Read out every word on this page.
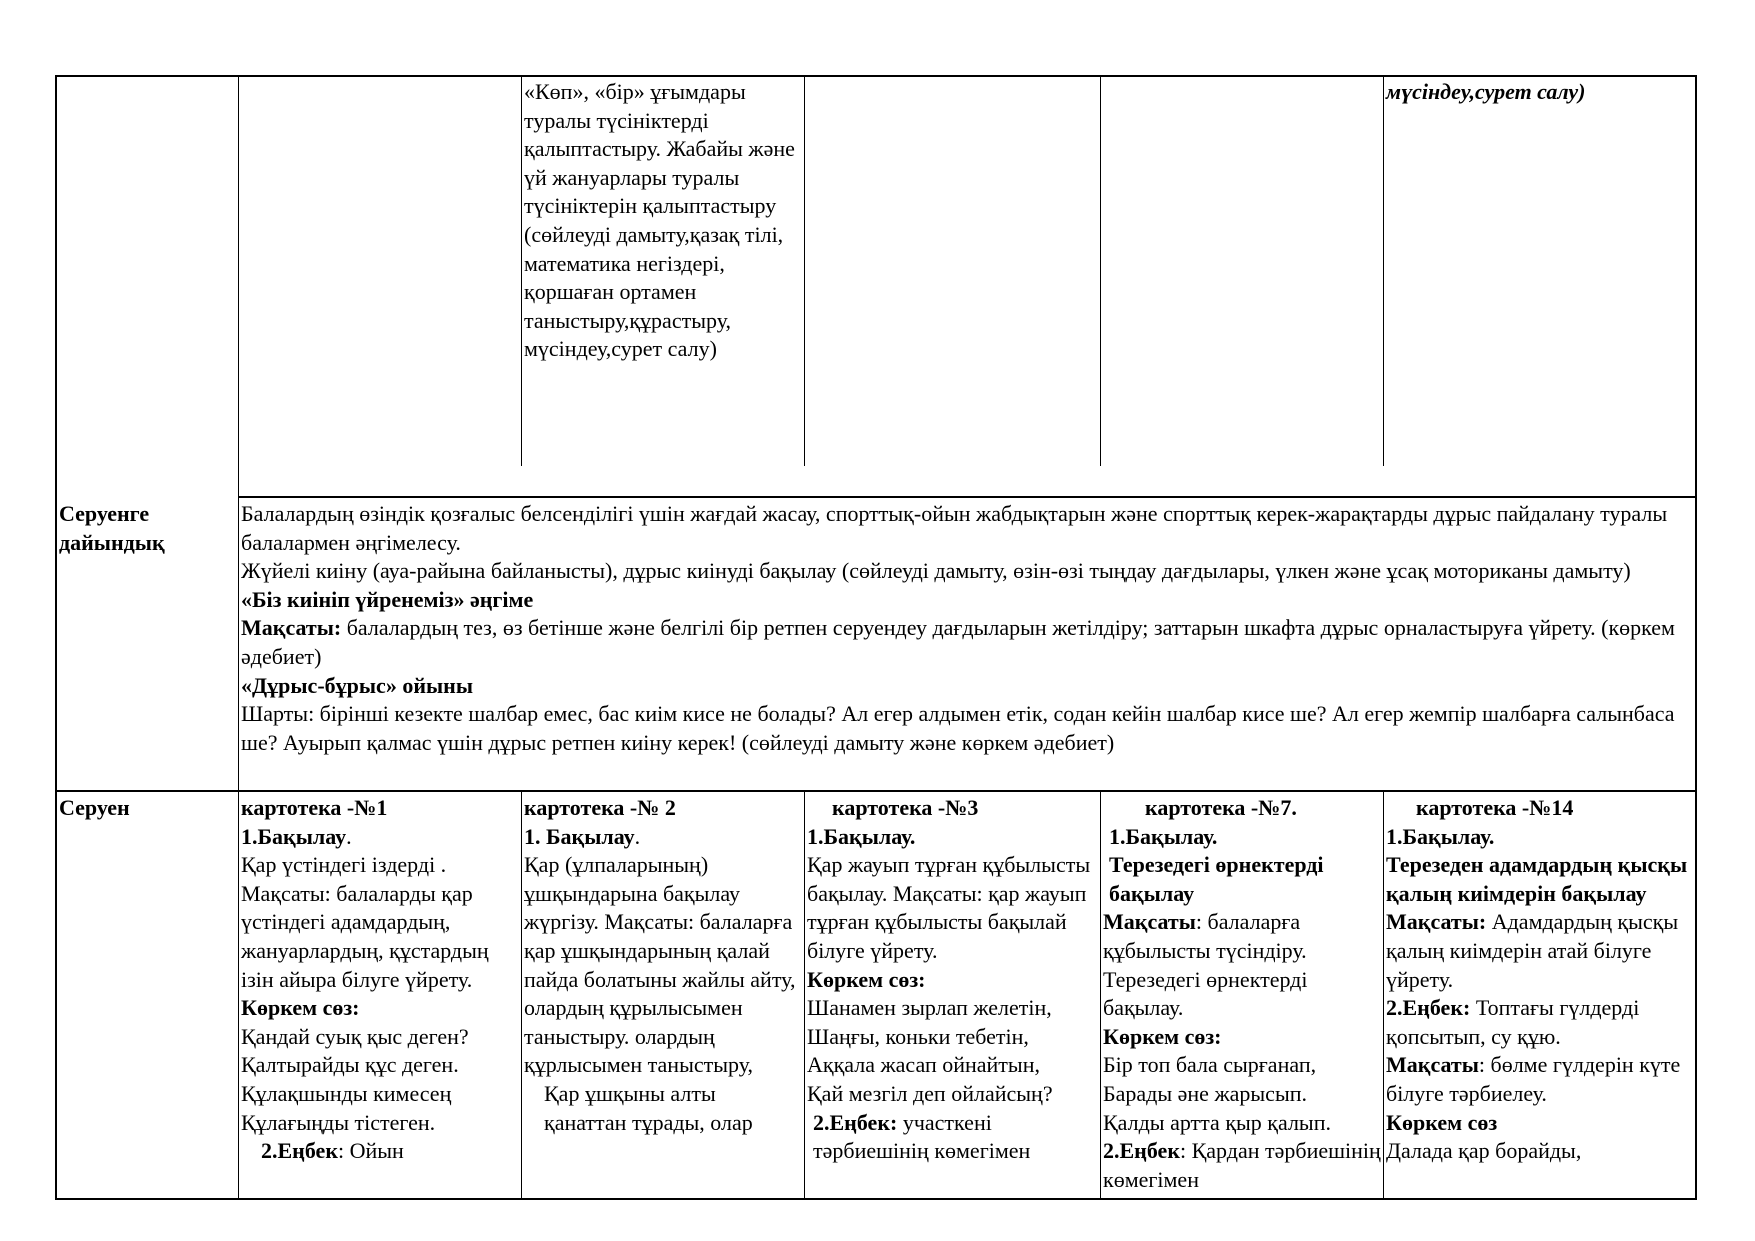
«Көп», «бір» ұғымдары туралы түсініктерді қалыптастыру. Жабайы және үй жануарлары туралы түсініктерін қалыптастыру (сөйлеуді дамыту,қазақ тілі, математика негіздері, қоршаған ортамен таныстыру,құрастыру, мүсіндеу,сурет салу)

мүсіндеу,сурет салу)

Серуенге

дайындық

Балалардың өзіндік қозғалыс белсенділігі үшін жағдай жасау, спорттық-ойын жабдықтарын және спорттық керек-жарақтарды дұрыс пайдалану туралы балалармен әңгімелесу.

Жүйелі киіну (ауа-райына байланысты), дұрыс киінуді бақылау (сөйлеуді дамыту, өзін-өзі тыңдау дағдылары, үлкен және ұсақ моториканы дамыту)

«Біз киініп үйренеміз» әңгіме

Мақсаты: балалардың тез, өз бетінше және белгілі бір ретпен серуендеу дағдыларын жетілдіру; заттарын шкафта дұрыс орналастыруға үйрету. (көркем әдебиет)

«Дұрыс-бұрыс» ойыны

Шарты: бірінші кезекте шалбар емес, бас киім кисе не болады? Ал егер алдымен етік, содан кейін шалбар кисе ше? Ал егер жемпір шалбарға салынбаса ше? Ауырып қалмас үшін дұрыс ретпен киіну керек! (сөйлеуді дамыту және көркем әдебиет)

Серуен	картотека -№1

1.Бақылау.

Қар үстіндегі іздерді .

Мақсаты: балаларды қар үстіндегі адамдардың, жануарлардың, құстардың ізін айыра білуге үйрету.

Көркем сөз:

Қандай суық қыс деген?

Қалтырайды құс деген.

Құлақшынды кимесең

Құлағыңды тістеген.

2.Еңбек: Ойын

картотека -№ 2

1. Бақылау.

Қар (ұлпаларының) ұшқындарына бақылау жүргізу. Мақсаты: балаларға қар ұшқындарының қалай пайда болатыны жайлы айту, олардың құрылысымен таныстыру. олардың құрлысымен таныстыру,

Қар ұшқыны алты қанаттан тұрады, олар

картотека -№3

1.Бақылау.

Қар жауып тұрған құбылысты бақылау. Мақсаты: қар жауып тұрған құбылысты бақылай білуге үйрету.

Көркем сөз:

Шанамен зырлап желетін,

Шаңғы, коньки тебетін,

Аққала жасап ойнайтын,

Қай мезгіл деп ойлайсың?

2.Еңбек: участкені тәрбиешінің көмегімен

картотека -№7.

1.Бақылау.

Терезедегі өрнектерді бақылау

Мақсаты: балаларға құбылысты түсіндіру. Терезедегі өрнектерді бақылау.

Көркем сөз:

Бір топ бала сырғанап,

Барады әне жарысып.

Қалды артта қыр қалып.

2.Еңбек: Қардан тәрбиешінің көмегімен

картотека -№14

1.Бақылау.

Терезеден адамдардың қысқы қалың киімдерін бақылау

Мақсаты: Адамдардың қысқы қалың киімдерін атай білуге үйрету.

2.Еңбек: Топтағы гүлдерді қопсытып, су құю.

Мақсаты: бөлме гүлдерін күте білуге тәрбиелеу.

Көркем сөз

Далада қар борайды,
